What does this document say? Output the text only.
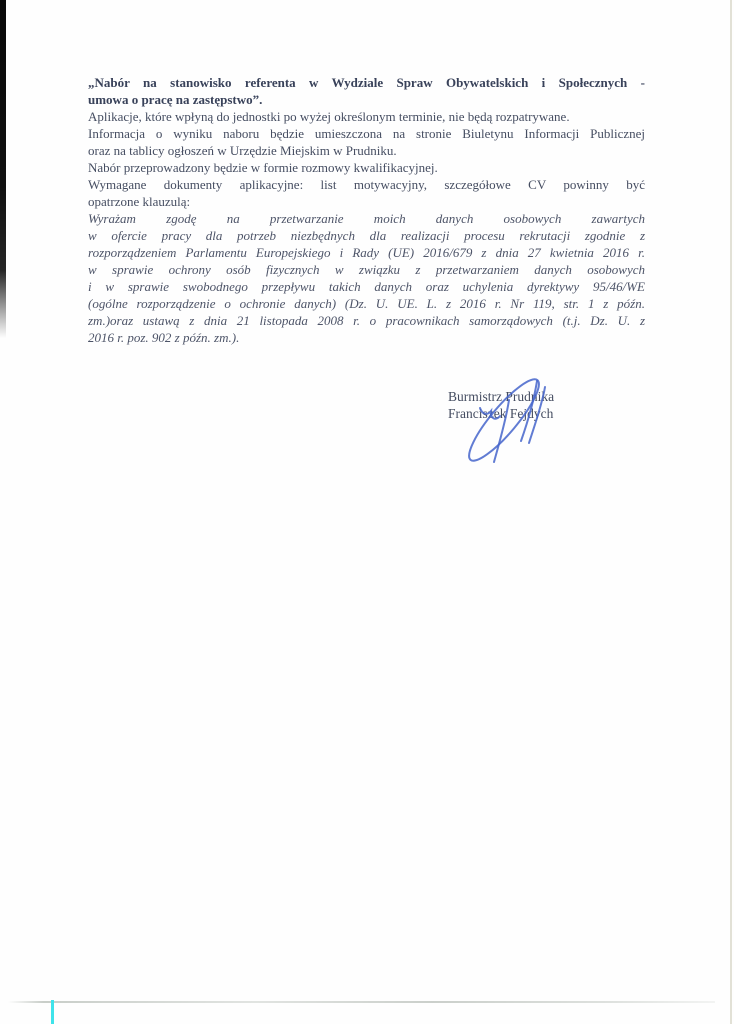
„Nabór na stanowisko referenta w Wydziale Spraw Obywatelskich i Społecznych -
umowa o pracę na zastępstwo”.
Aplikacje, które wpłyną do jednostki po wyżej określonym terminie, nie będą rozpatrywane.
Informacja o wyniku naboru będzie umieszczona na stronie Biuletynu Informacji Publicznej
oraz na tablicy ogłoszeń w Urzędzie Miejskim w Prudniku.
Nabór przeprowadzony będzie w formie rozmowy kwalifikacyjnej.
Wymagane dokumenty aplikacyjne: list motywacyjny, szczegółowe CV powinny być
opatrzone klauzulą:
Wyrażam zgodę na przetwarzanie moich danych osobowych zawartych
w ofercie pracy dla potrzeb niezbędnych dla realizacji procesu rekrutacji zgodnie z
rozporządzeniem Parlamentu Europejskiego i Rady (UE) 2016/679 z dnia 27 kwietnia 2016 r.
w sprawie ochrony osób fizycznych w związku z przetwarzaniem danych osobowych
i w sprawie swobodnego przepływu takich danych oraz uchylenia dyrektywy 95/46/WE
(ogólne rozporządzenie o ochronie danych) (Dz. U. UE. L. z 2016 r. Nr 119, str. 1 z późn.
zm.)oraz ustawą z dnia 21 listopada 2008 r. o pracownikach samorządowych (t.j. Dz. U. z
2016 r. poz. 902 z późn. zm.).
Burmistrz Prudnika
Franciszek Fejdych
